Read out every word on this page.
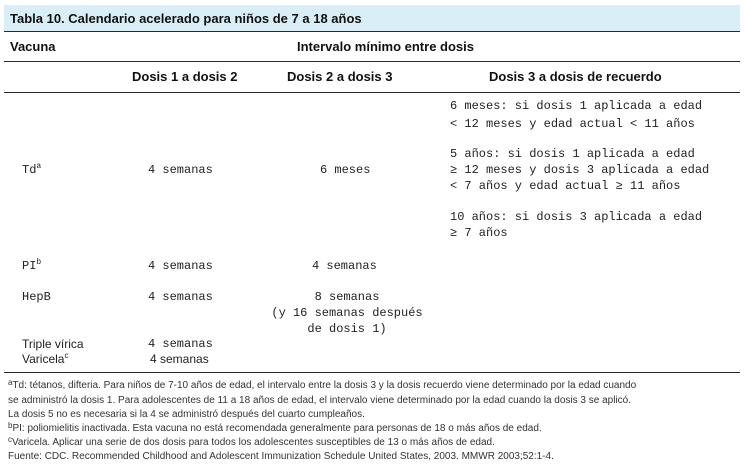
Tabla 10. Calendario acelerado para niños de 7 a 18 años
Vacuna	Intervalo mínimo entre dosis
Dosis 1 a dosis 2	Dosis 2 a dosis 3	Dosis 3 a dosis de recuerdo
Td$^a$	4 semanas	6 meses
6 meses: si dosis 1 aplicada a edad
< 12 meses y edad actual < 11 años
5 años: si dosis 1 aplicada a edad
≥ 12 meses y dosis 3 aplicada a edad
< 7 años y edad actual ≥ 11 años
10 años: si dosis 3 aplicada a edad
≥ 7 años
$PI^b$	4 semanas	4 semanas
HepB	4 semanas	8 semanas
(y 16 semanas después
de dosis 1)
Triple vírica	4 semanas
Varicela$^c$	4 semanas
$^a$Td: tétanos, difteria. Para niños de 7-10 años de edad, el intervalo entre la dosis 3 y la dosis recuerdo viene determinado por la edad cuando
se administró la dosis 1. Para adolescentes de 11 a 18 años de edad, el intervalo viene determinado por la edad cuando la dosis 3 se aplicó.
La dosis 5 no es necesaria si la 4 se administró después del cuarto cumpleaños.
$^b$PI: poliomielitis inactivada. Esta vacuna no está recomendada generalmente para personas de 18 o más años de edad.
$^c$Varicela. Aplicar una serie de dos dosis para todos los adolescentes susceptibles de 13 o más años de edad.
Fuente: CDC. Recommended Childhood and Adolescent Immunization Schedule United States, 2003. MMWR 2003;52:1-4.
